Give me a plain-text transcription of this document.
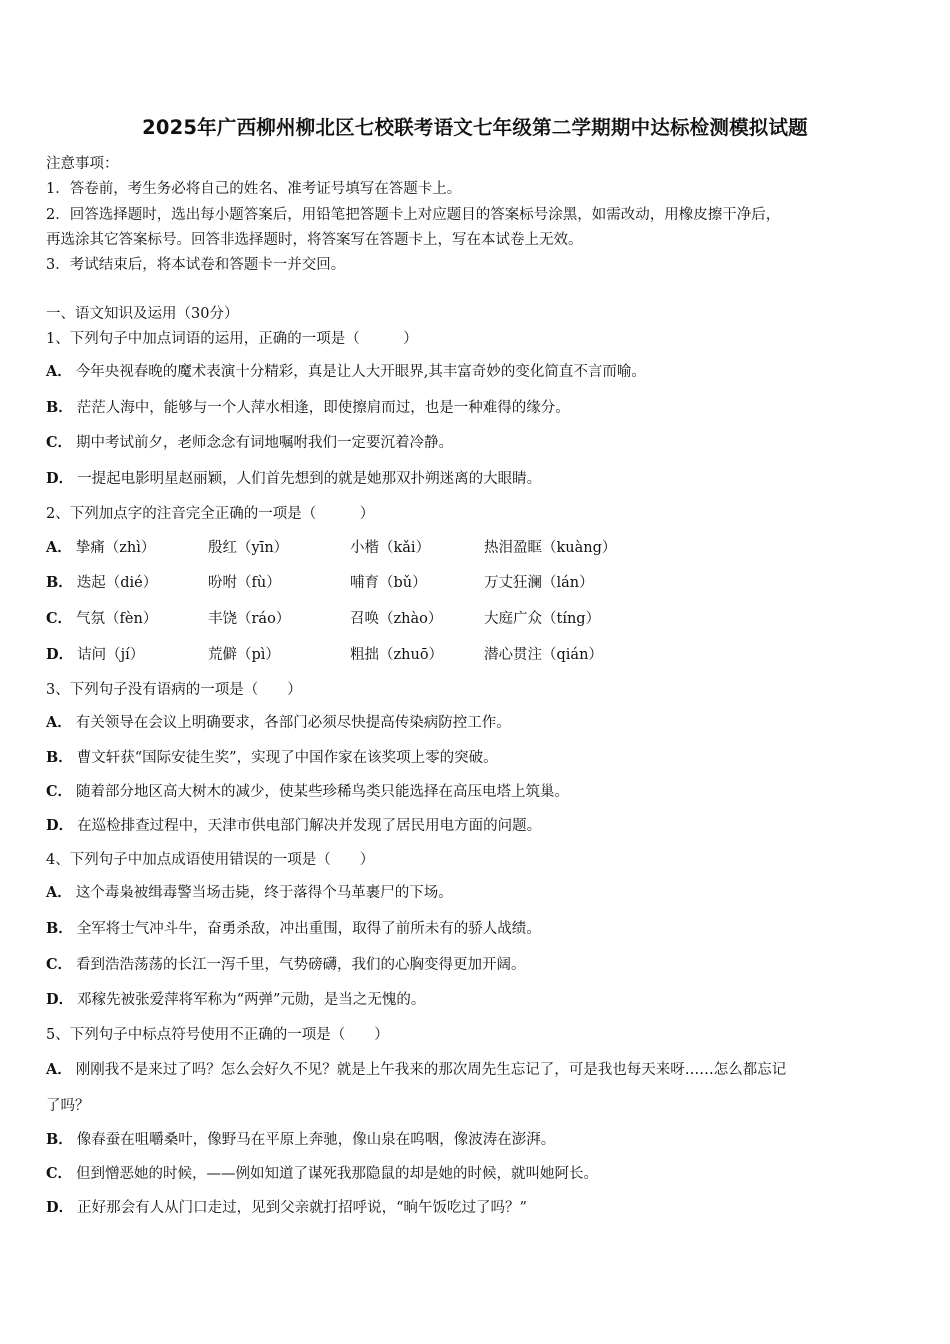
2025年广西柳州柳北区七校联考语文七年级第二学期期中达标检测模拟试题
注意事项：
1．答卷前，考生务必将自己的姓名、准考证号填写在答题卡上。
2．回答选择题时，选出每小题答案后，用铅笔把答题卡上对应题目的答案标号涂黑，如需改动，用橡皮擦干净后，
再选涂其它答案标号。回答非选择题时，将答案写在答题卡上，写在本试卷上无效。
3．考试结束后，将本试卷和答题卡一并交回。
一、语文知识及运用（30分）
1、下列句子中加点词语的运用，正确的一项是（　　　）
A． 今年央视春晚的魔术表演十分精彩，真是让人大开眼界,其丰富奇妙的变化简直不言而喻。
B． 茫茫人海中，能够与一个人萍水相逢，即使擦肩而过，也是一种难得的缘分。
C． 期中考试前夕，老师念念有词地嘱咐我们一定要沉着冷静。
D． 一提起电影明星赵丽颖，人们首先想到的就是她那双扑朔迷离的大眼睛。
2、下列加点字的注音完全正确的一项是（　　　）
A． 挚痛（zhì）	殷红（yīn）	小楷（kǎi）	热泪盈眶（kuàng）
B． 迭起（dié）	吩咐（fù）	哺育（bǔ）	万丈狂澜（lán）
C． 气氛（fèn）	丰饶（ráo）	召唤（zhào）	大庭广众（tíng）
D． 诘问（jí）	荒僻（pì）	粗拙（zhuō）	潜心贯注（qián）
3、下列句子没有语病的一项是（　　）
A． 有关领导在会议上明确要求，各部门必须尽快提高传染病防控工作。
B． 曹文轩获“国际安徒生奖”，实现了中国作家在该奖项上零的突破。
C． 随着部分地区高大树木的减少，使某些珍稀鸟类只能选择在高压电塔上筑巢。
D． 在巡检排查过程中，天津市供电部门解决并发现了居民用电方面的问题。
4、下列句子中加点成语使用错误的一项是（　　）
A． 这个毒枭被缉毒警当场击毙，终于落得个马革裹尸的下场。
B． 全军将士气冲斗牛，奋勇杀敌，冲出重围，取得了前所未有的骄人战绩。
C． 看到浩浩荡荡的长江一泻千里，气势磅礴，我们的心胸变得更加开阔。
D． 邓稼先被张爱萍将军称为“两弹”元勋，是当之无愧的。
5、下列句子中标点符号使用不正确的一项是（　　）
A． 刚刚我不是来过了吗？怎么会好久不见？就是上午我来的那次周先生忘记了，可是我也每天来呀……怎么都忘记
了吗？
B． 像春蚕在咀嚼桑叶，像野马在平原上奔驰，像山泉在呜咽，像波涛在澎湃。
C． 但到憎恶她的时候，——例如知道了谋死我那隐鼠的却是她的时候，就叫她阿长。
D． 正好那会有人从门口走过，见到父亲就打招呼说，“晌午饭吃过了吗？”
